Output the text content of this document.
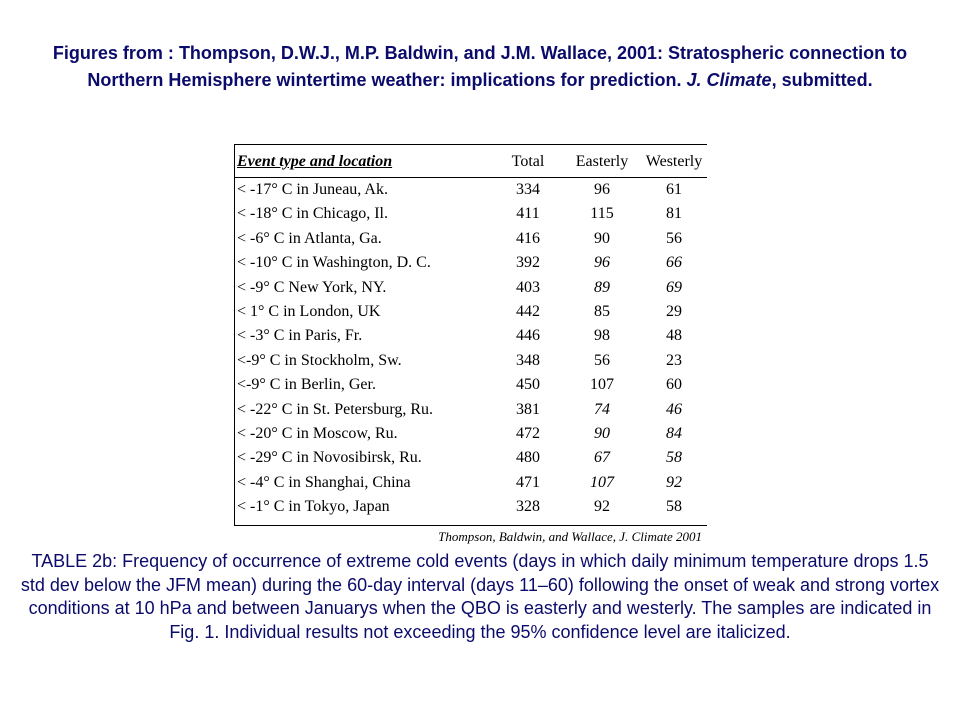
Figures from : Thompson, D.W.J., M.P. Baldwin, and J.M. Wallace, 2001: Stratospheric connection to Northern Hemisphere wintertime weather: implications for prediction. J. Climate, submitted.
Event type and location	Total	Easterly	Westerly
< -17° C in Juneau, Ak.	334	96	61
< -18° C in Chicago, Il.	411	115	81
< -6° C in Atlanta, Ga.	416	90	56
< -10° C in Washington, D. C.	392	96	66
< -9° C New York, NY.	403	89	69
< 1° C in London, UK	442	85	29
< -3° C in Paris, Fr.	446	98	48
<-9° C in Stockholm, Sw.	348	56	23
<-9° C in Berlin, Ger.	450	107	60
< -22° C in St. Petersburg, Ru.	381	74	46
< -20° C in Moscow, Ru.	472	90	84
< -29° C in Novosibirsk, Ru.	480	67	58
< -4° C in Shanghai, China	471	107	92
< -1° C in Tokyo, Japan	328	92	58
Thompson, Baldwin, and Wallace, J. Climate 2001
TABLE 2b: Frequency of occurrence of extreme cold events (days in which daily minimum temperature drops 1.5 std dev below the JFM mean) during the 60-day interval (days 11–60) following the onset of weak and strong vortex conditions at 10 hPa and between Januarys when the QBO is easterly and westerly. The samples are indicated in Fig. 1. Individual results not exceeding the 95% confidence level are italicized.
